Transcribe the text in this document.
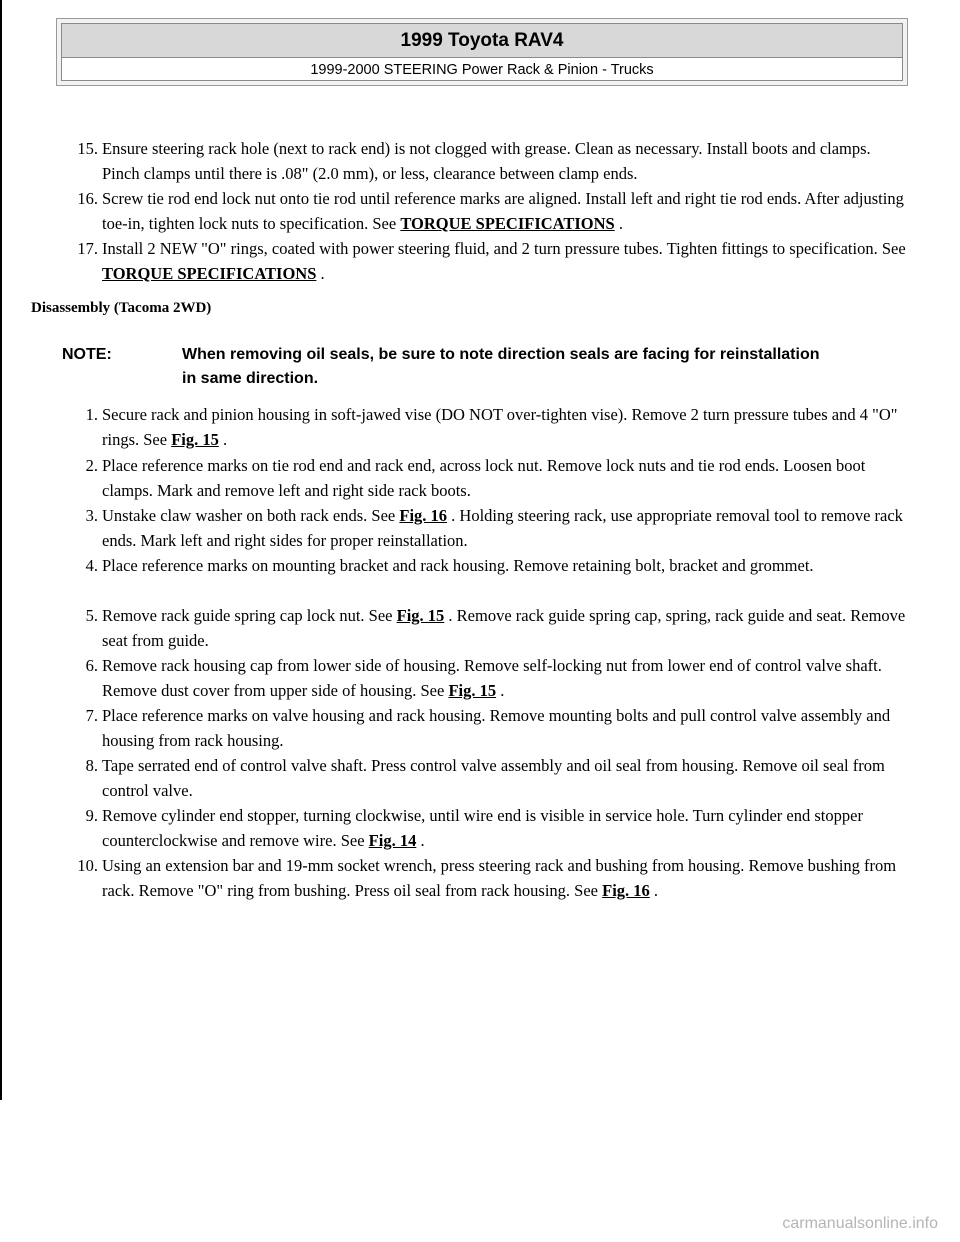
1999 Toyota RAV4
1999-2000 STEERING Power Rack & Pinion - Trucks
15. Ensure steering rack hole (next to rack end) is not clogged with grease. Clean as necessary. Install boots and clamps. Pinch clamps until there is .08" (2.0 mm), or less, clearance between clamp ends.
16. Screw tie rod end lock nut onto tie rod until reference marks are aligned. Install left and right tie rod ends. After adjusting toe-in, tighten lock nuts to specification. See TORQUE SPECIFICATIONS .
17. Install 2 NEW "O" rings, coated with power steering fluid, and 2 turn pressure tubes. Tighten fittings to specification. See TORQUE SPECIFICATIONS .
Disassembly (Tacoma 2WD)
NOTE:	When removing oil seals, be sure to note direction seals are facing for reinstallation in same direction.
1. Secure rack and pinion housing in soft-jawed vise (DO NOT over-tighten vise). Remove 2 turn pressure tubes and 4 "O" rings. See Fig. 15 .
2. Place reference marks on tie rod end and rack end, across lock nut. Remove lock nuts and tie rod ends. Loosen boot clamps. Mark and remove left and right side rack boots.
3. Unstake claw washer on both rack ends. See Fig. 16 . Holding steering rack, use appropriate removal tool to remove rack ends. Mark left and right sides for proper reinstallation.
4. Place reference marks on mounting bracket and rack housing. Remove retaining bolt, bracket and grommet.
5. Remove rack guide spring cap lock nut. See Fig. 15 . Remove rack guide spring cap, spring, rack guide and seat. Remove seat from guide.
6. Remove rack housing cap from lower side of housing. Remove self-locking nut from lower end of control valve shaft. Remove dust cover from upper side of housing. See Fig. 15 .
7. Place reference marks on valve housing and rack housing. Remove mounting bolts and pull control valve assembly and housing from rack housing.
8. Tape serrated end of control valve shaft. Press control valve assembly and oil seal from housing. Remove oil seal from control valve.
9. Remove cylinder end stopper, turning clockwise, until wire end is visible in service hole. Turn cylinder end stopper counterclockwise and remove wire. See Fig. 14 .
10. Using an extension bar and 19-mm socket wrench, press steering rack and bushing from housing. Remove bushing from rack. Remove "O" ring from bushing. Press oil seal from rack housing. See Fig. 16 .
carmanualsonline.info
